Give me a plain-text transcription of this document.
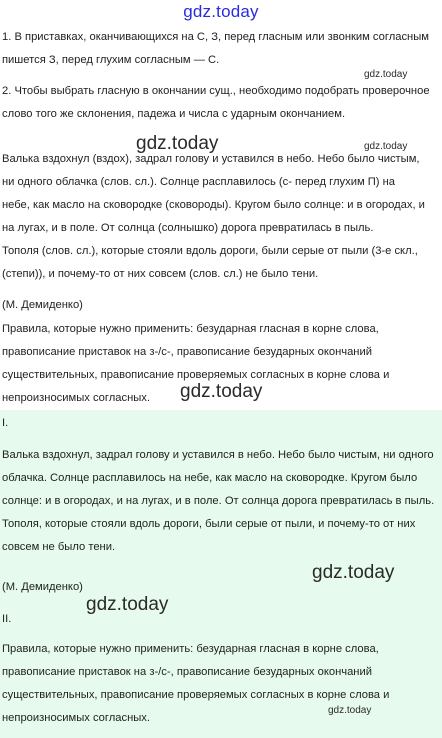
gdz.today
1. В приставках, оканчивающихся на С, З, перед гласным или звонким согласным пишется З, перед глухим согласным — С.
2. Чтобы выбрать гласную в окончании сущ., необходимо подобрать проверочное слово того же склонения, падежа и числа с ударным окончанием.

Валька вздохнул (вздох), задрал голову и уставился в небо. Небо было чистым,

ни одного облачка (слов. сл.). Солнце расплавилось (с- перед глухим П) на

небе, как масло на сковородке (сковороды). Кругом было солнце: и в огородах, и на лугах, и в поле. От солнца (солнышко) дорога превратилась в пыль.

Тополя (слов. сл.), которые стояли вдоль дороги, были серые от пыли (3-е скл., (степи)), и почему-то от них совсем (слов. сл.) не было тени.

(М. Демиденко)
Правила, которые нужно применить: безударная гласная в корне слова, правописание приставок на з-/с-, правописание безударных окончаний существительных, правописание проверяемых согласных в корне слова и непроизносимых согласных.
I.
Валька вздохнул, задрал голову и уставился в небо. Небо было чистым, ни одного облачка. Солнце расплавилось на небе, как масло на сковородке. Кругом было солнце: и в огородах, и на лугах, и в поле. От солнца дорога превратилась в пыль. Тополя, которые стояли вдоль дороги, были серые от пыли, и почему-то от них совсем не было тени.
(М. Демиденко)
II.
Правила, которые нужно применить: безударная гласная в корне слова, правописание приставок на з-/с-, правописание безударных окончаний существительных, правописание проверяемых согласных в корне слова и непроизносимых согласных.
gdz.today
gdz.today	gdz.today
gdz.today
gdz.today
gdz.today
gdz.today
